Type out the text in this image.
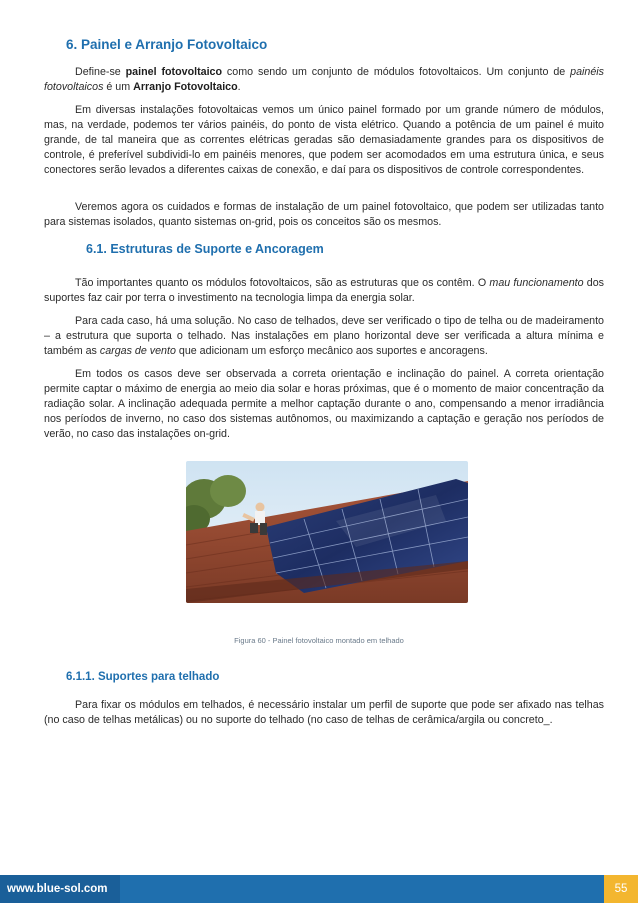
6. Painel e Arranjo Fotovoltaico

Define-se painel fotovoltaico como sendo um conjunto de módulos fotovoltaicos. Um conjunto de painéis fotovoltaicos é um Arranjo Fotovoltaico.

Em diversas instalações fotovoltaicas vemos um único painel formado por um grande número de módulos, mas, na verdade, podemos ter vários painéis, do ponto de vista elétrico. Quando a potência de um painel é muito grande, de tal maneira que as correntes elétricas geradas são demasiadamente grandes para os dispositivos de controle, é preferível subdividi-lo em painéis menores, que podem ser acomodados em uma estrutura única, e seus conectores serão levados a diferentes caixas de conexão, e daí para os dispositivos de controle correspondentes.

Veremos agora os cuidados e formas de instalação de um painel fotovoltaico, que podem ser utilizadas tanto para sistemas isolados, quanto sistemas on-grid, pois os conceitos são os mesmos.

6.1. Estruturas de Suporte e Ancoragem

Tão importantes quanto os módulos fotovoltaicos, são as estruturas que os contêm. O mau funcionamento dos suportes faz cair por terra o investimento na tecnologia limpa da energia solar.

Para cada caso, há uma solução. No caso de telhados, deve ser verificado o tipo de telha ou de madeiramento – a estrutura que suporta o telhado. Nas instalações em plano horizontal deve ser verificada a altura mínima e também as cargas de vento que adicionam um esforço mecânico aos suportes e ancoragens.

Em todos os casos deve ser observada a correta orientação e inclinação do painel. A correta orientação permite captar o máximo de energia ao meio dia solar e horas próximas, que é o momento de maior concentração da radiação solar. A inclinação adequada permite a melhor captação durante o ano, compensando a menor irradiância nos períodos de inverno, no caso dos sistemas autônomos, ou maximizando a captação e geração nos períodos de verão, no caso das instalações on-grid.

Figura 60 - Painel fotovoltaico montado em telhado
6.1.1. Suportes para telhado

Para fixar os módulos em telhados, é necessário instalar um perfil de suporte que pode ser afixado nas telhas (no caso de telhas metálicas) ou no suporte do telhado (no caso de telhas de cerâmica/argila ou concreto_.

www.blue-sol.com	55
